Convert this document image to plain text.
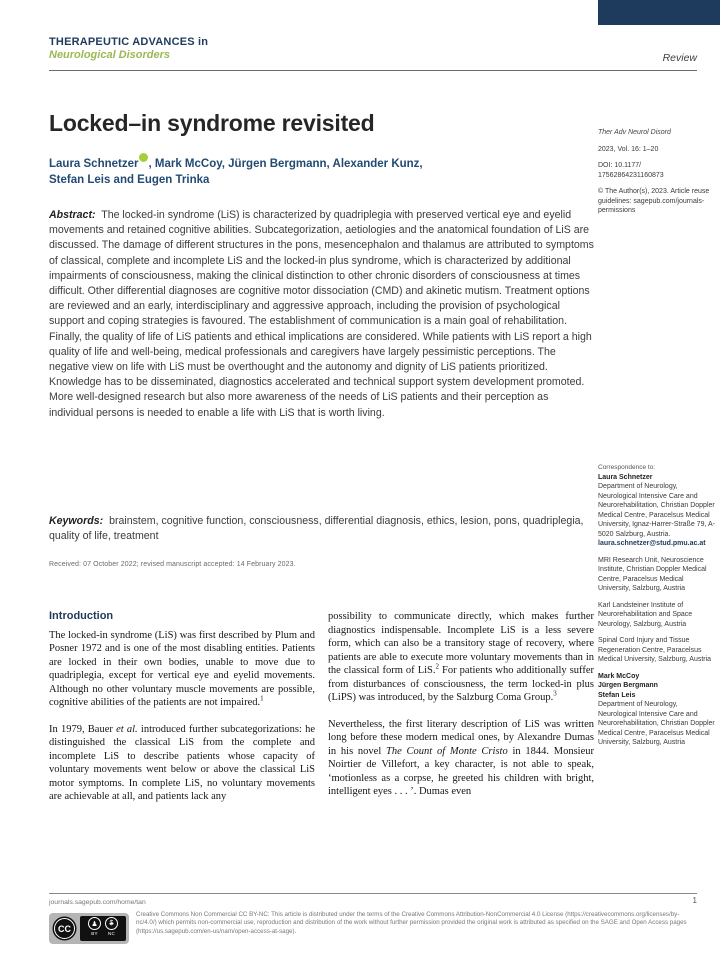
THERAPEUTIC ADVANCES in
Neurological Disorders	Review
Locked–in syndrome revisited
Laura Schnetzer , Mark McCoy, Jürgen Bergmann, Alexander Kunz,
Stefan Leis and Eugen Trinka
Abstract: The locked-in syndrome (LiS) is characterized by quadriplegia with preserved vertical eye and eyelid movements and retained cognitive abilities. Subcategorization, aetiologies and the anatomical foundation of LiS are discussed. The damage of different structures in the pons, mesencephalon and thalamus are attributed to symptoms of classical, complete and incomplete LiS and the locked-in plus syndrome, which is characterized by additional impairments of consciousness, making the clinical distinction to other chronic disorders of consciousness at times difficult. Other differential diagnoses are cognitive motor dissociation (CMD) and akinetic mutism. Treatment options are reviewed and an early, interdisciplinary and aggressive approach, including the provision of psychological support and coping strategies is favoured. The establishment of communication is a main goal of rehabilitation. Finally, the quality of life of LiS patients and ethical implications are considered. While patients with LiS report a high quality of life and well-being, medical professionals and caregivers have largely pessimistic perceptions. The negative view on life with LiS must be overthought and the autonomy and dignity of LiS patients prioritized. Knowledge has to be disseminated, diagnostics accelerated and technical support system development promoted. More well-designed research but also more awareness of the needs of LiS patients and their perception as individual persons is needed to enable a life with LiS that is worth living.
Keywords: brainstem, cognitive function, consciousness, differential diagnosis, ethics, lesion, pons, quadriplegia, quality of life, treatment
Received: 07 October 2022; revised manuscript accepted: 14 February 2023.
Introduction

The locked-in syndrome (LiS) was first described by Plum and Posner 1972 and is one of the most disabling entities. Patients are locked in their own bodies, unable to move due to quadriplegia, except for vertical eye and eyelid movements. Although no other voluntary muscle movements are possible, cognitive abilities of the patients are not impaired.$^1$

In 1979, Bauer et al. introduced further subcategorizations: he distinguished the classical LiS from the complete and incomplete LiS to describe patients whose capacity of voluntary movements went below or above the classical LiS motor symptoms. In complete LiS, no voluntary movements are achievable at all, and patients lack any

possibility to communicate directly, which makes further diagnostics indispensable. Incomplete LiS is a less severe form, which can also be a transitory stage of recovery, where patients are able to execute more voluntary movements than in the classical form of LiS.$^2$ For patients who additionally suffer from disturbances of consciousness, the term locked-in plus (LiPS) was introduced, by the Salzburg Coma Group.$^3$

Nevertheless, the first literary description of LiS was written long before these modern medical ones, by Alexandre Dumas in his novel The Count of Monte Cristo in 1844. Monsieur Noirtier de Villefort, a key character, is not able to speak, ‘motionless as a corpse, he greeted his children with bright, intelligent eyes . . . ’. Dumas even

Ther Adv Neurol Disord

2023, Vol. 16: 1–20

DOI: 10.1177/
17562864231160873

© The Author(s), 2023. Article reuse guidelines: sagepub.com/journals-permissions

Correspondence to:
Laura Schnetzer
Department of Neurology, Neurological Intensive Care and Neurorehabilitation, Christian Doppler Medical Centre, Paracelsus Medical University, Ignaz-Harrer-Straße 79, A-5020 Salzburg, Austria.
laura.schnetzer@stud.pmu.ac.at

MRI Research Unit, Neuroscience Institute, Christian Doppler Medical Centre, Paracelsus Medical University, Salzburg, Austria

Karl Landsteiner Institute of Neurorehabilitation and Space Neurology, Salzburg, Austria

Spinal Cord Injury and Tissue Regeneration Centre, Paracelsus Medical University, Salzburg, Austria

Mark McCoy
Jürgen Bergmann
Stefan Leis
Department of Neurology, Neurological Intensive Care and Neurorehabilitation, Christian Doppler Medical Centre, Paracelsus Medical University, Salzburg, Austria

journals.sagepub.com/home/tan	1
CC	♟
BY
$
NC
Creative Commons Non Commercial CC BY-NC: This article is distributed under the terms of the Creative Commons Attribution-NonCommercial 4.0 License (https://creativecommons.org/licenses/by-nc/4.0/) which permits non-commercial use, reproduction and distribution of the work without further permission provided the original work is attributed as specified on the SAGE and Open Access pages (https://us.sagepub.com/en-us/nam/open-access-at-sage).
